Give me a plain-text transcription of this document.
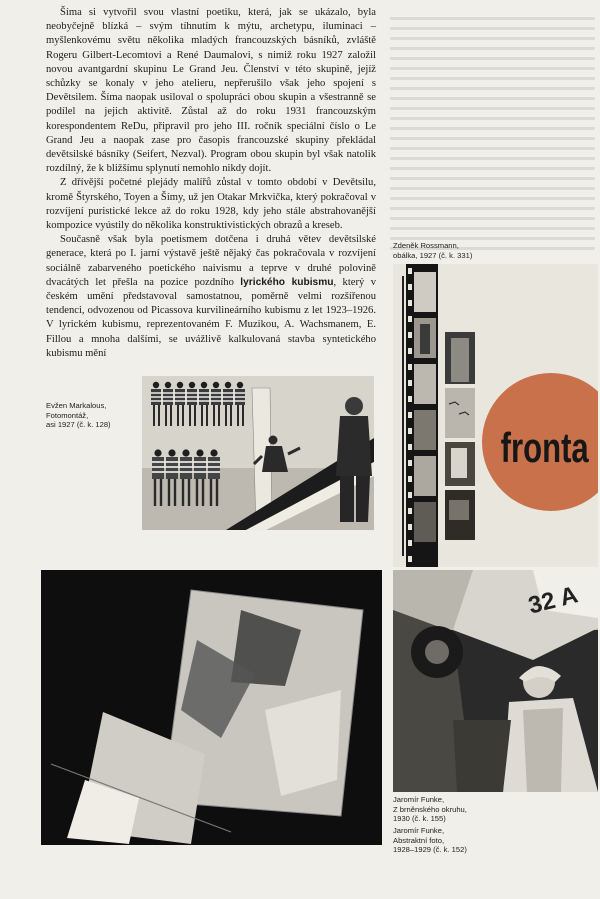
Šíma si vytvořil svou vlastní poetiku, která, jak se ukázalo, byla neobyčejně blízká – svým tíhnutím k mýtu, archetypu, iluminaci – myšlenkovému světu několika mladých francouzských básníků, zvláště Rogeru Gilbert-Lecomtovi a René Daumalovi, s nimiž roku 1927 založil novou avantgardní skupinu Le Grand Jeu. Členství v této skupině, jejíž schůzky se konaly v jeho atelieru, nepřerušilo však jeho spojení s Devětsilem. Šíma naopak usiloval o spolupráci obou skupin a všestranně se podílel na jejich aktivitě. Zůstal až do roku 1931 francouzským korespondentem ReDu, připravil pro jeho III. ročník speciální číslo o Le Grand Jeu a naopak zase pro časopis francouzské skupiny překládal devětsilské básníky (Seifert, Nezval). Program obou skupin byl však natolik rozdílný, že k bližšímu splynutí nemohlo nikdy dojít.

Z dřívější početné plejády malířů zůstal v tomto období v Devětsilu, kromě Štyrského, Toyen a Šímy, už jen Otakar Mrkvička, který pokračoval v rozvíjení puristické lekce až do roku 1928, kdy jeho stále abstrahovanější kompozice vyústily do několika konstruktivistických obrazů a kreseb.

Současně však byla poetismem dotčena i druhá větev devětsilské generace, která po I. jarní výstavě ještě nějaký čas pokračovala v rozvíjení sociálně zabarveného poetického naivismu a teprve v druhé polovině dvacátých let přešla na pozice pozdního lyrického kubismu, který v českém umění představoval samostatnou, poměrně velmi rozšířenou tendenci, odvozenou od Picassova kurvilineárního kubismu z let 1923–1926. V lyrickém kubismu, reprezentovaném F. Muzikou, A. Wachsmanem, E. Fillou a mnoha dalšími, se uvážlivě kalkulovaná stavba syntetického kubismu mění

Evžen Markalous,
Fotomontáž,
asi 1927 (č. k. 128)
Zdeněk Rossmann,
obálka, 1927 (č. k. 331)
fronta
32 A
Jaromír Funke,
Z brněnského okruhu,
1930 (č. k. 155)
Jaromír Funke,
Abstraktní foto,
1928–1929 (č. k. 152)
